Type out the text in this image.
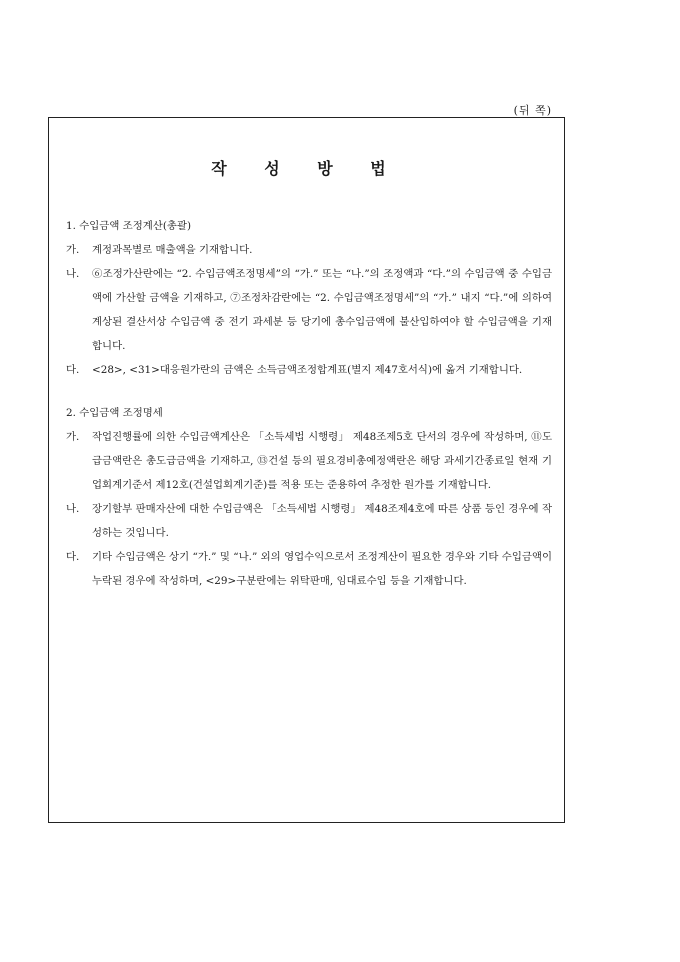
(뒤 쪽)
작 성 방 법

1. 수입금액 조정계산(총괄)

가. 계정과목별로 매출액을 기재합니다.

나. ⑥조정가산란에는 “2. 수입금액조정명세”의 “가.” 또는 “나.”의 조정액과 “다.”의 수입금액 중 수입금액에 가산할 금액을 기재하고, ⑦조정차감란에는 “2. 수입금액조정명세”의 “가.” 내지 “다.”에 의하여 계상된 결산서상 수입금액 중 전기 과세분 등 당기에 총수입금액에 불산입하여야 할 수입금액을 기재합니다.

다. <28>, <31>대응원가란의 금액은 소득금액조정합계표(별지 제47호서식)에 옮겨 기재합니다.

2. 수입금액 조정명세

가. 작업진행률에 의한 수입금액계산은 「소득세법 시행령」 제48조제5호 단서의 경우에 작성하며, ⑪도급금액란은 총도급금액을 기재하고, ⑬건설 등의 필요경비총예정액란은 해당 과세기간종료일 현재 기업회계기준서 제12호(건설업회계기준)를 적용 또는 준용하여 추정한 원가를 기재합니다.

나. 장기할부 판매자산에 대한 수입금액은 「소득세법 시행령」 제48조제4호에 따른 상품 등인 경우에 작성하는 것입니다.

다. 기타 수입금액은 상기 “가.” 및 “나.” 외의 영업수익으로서 조정계산이 필요한 경우와 기타 수입금액이 누락된 경우에 작성하며, <29>구분란에는 위탁판매, 임대료수입 등을 기재합니다.
